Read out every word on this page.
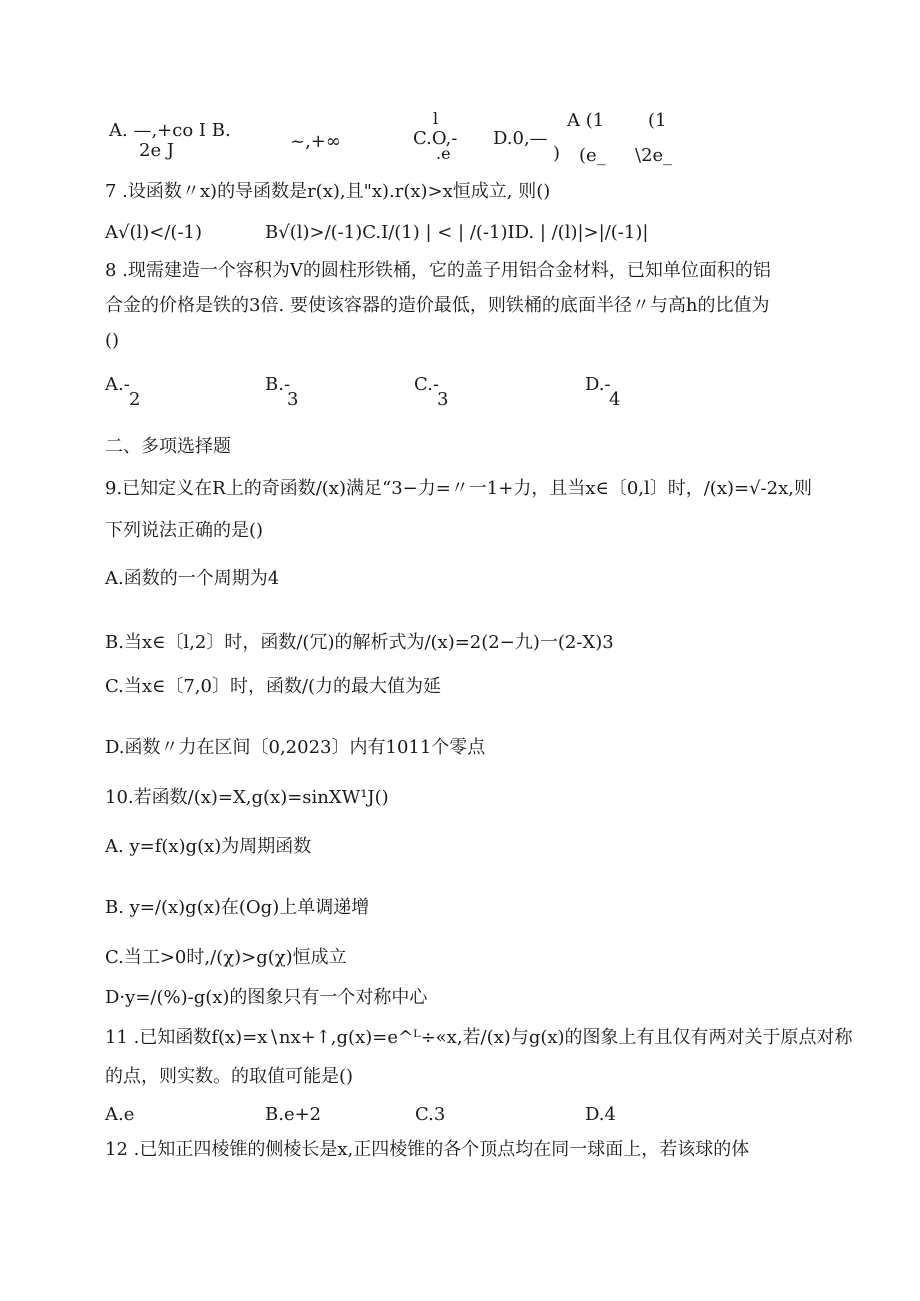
A. —,+co I B.
2e J	~,+∞
l
C.O,-
.e
D.0,—
)
A (1 (1
(e_ \2e_
7 .设函数〃x)的导函数是r(x),且"x).r(x)>x恒成立, 则()
A√(l)</(-1)	B√(l)>/(-1)C.I/(1) | < | /(-1)ID. | /(l)|>|/(-1)|
8 .现需建造一个容积为V的圆柱形铁桶，它的盖子用铝合金材料，已知单位面积的铝
合金的价格是铁的3倍. 要使该容器的造价最低，则铁桶的底面半径〃与高h的比值为
()
A.-
2
B.-
3
C.-
3
D.-
4
二、多项选择题
9.已知定义在R上的奇函数/(x)满足“3−力=〃一1+力，且当x∈〔0,l〕时，/(x)=√-2x,则
下列说法正确的是()
A.函数的一个周期为4
B.当x∈〔l,2〕时，函数/(冗)的解析式为/(x)=2(2−九)一(2-X)3
C.当x∈〔7,0〕时，函数/(力的最大值为延
D.函数〃力在区间〔0,2023〕内有1011个零点
10.若函数/(x)=X,g(x)=sinXW¹J()
A. y=f(x)g(x)为周期函数
B. y=/(x)g(x)在(Og)上单调递增
C.当工>0时,/(χ)>g(χ)恒成立
D·y=/(%)-g(x)的图象只有一个对称中心
11 .已知函数f(x)=x∖nx+↑,g(x)=e^ᴸ÷«x,若/(x)与g(x)的图象上有且仅有两对关于原点对称
的点，则实数。的取值可能是()
A.e	B.e+2	C.3	D.4
12 .已知正四棱锥的侧棱长是x,正四棱锥的各个顶点均在同一球面上，若该球的体
